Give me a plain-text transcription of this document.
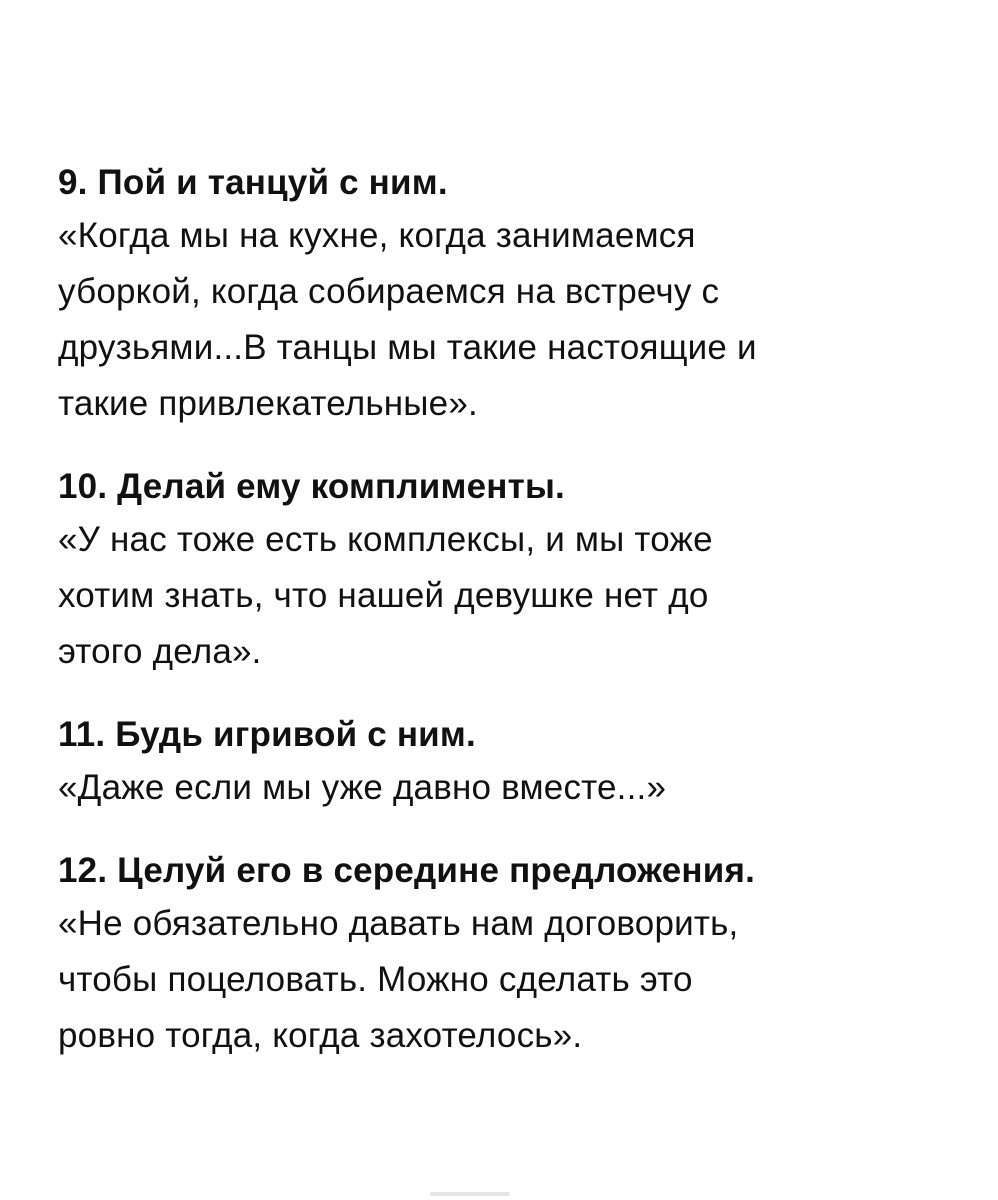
9. Пой и танцуй с ним.

«Когда мы на кухне, когда занимаемся
уборкой, когда собираемся на встречу с
друзьями...В танцы мы такие настоящие и
такие привлекательные».

10. Делай ему комплименты.

«У нас тоже есть комплексы, и мы тоже
хотим знать, что нашей девушке нет до
этого дела».

11. Будь игривой с ним.

«Даже если мы уже давно вместе...»

12. Целуй его в середине предложения.

«Не обязательно давать нам договорить,
чтобы поцеловать. Можно сделать это
ровно тогда, когда захотелось».
